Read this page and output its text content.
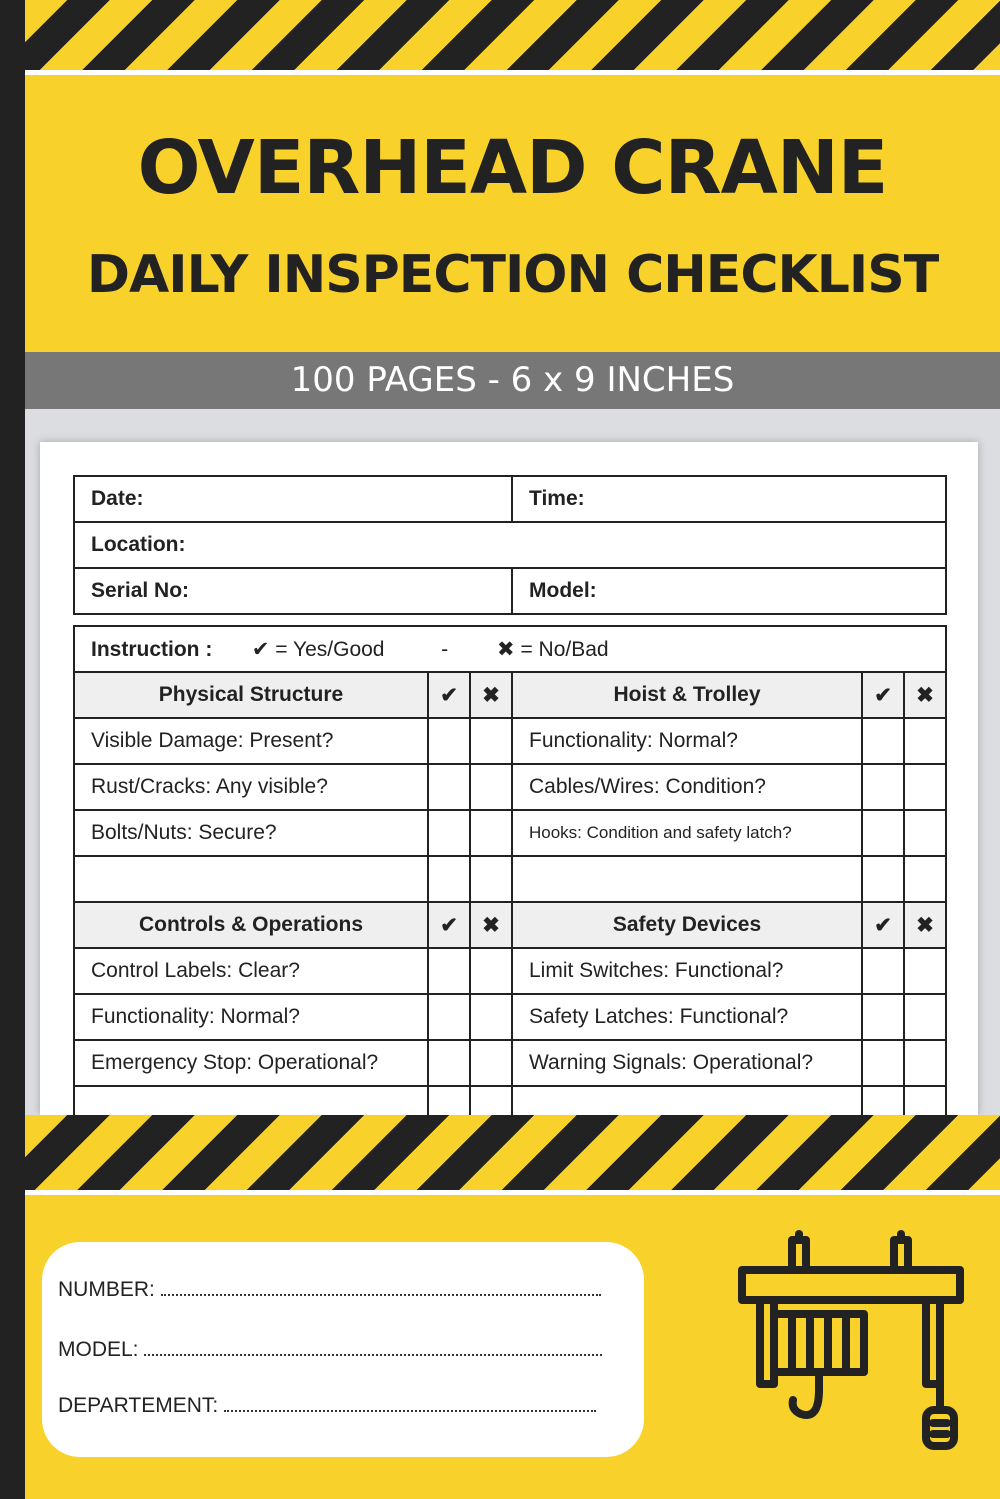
OVERHEAD CRANE
DAILY INSPECTION CHECKLIST
100 PAGES - 6 x 9 INCHES
Date:	Time:
Location:	
Serial No:	Model:
Instruction : ✔ = Yes/Good - ✖ = No/Bad					
Physical Structure	✔	✖	Hoist & Trolley	✔	✖
Visible Damage: Present?			Functionality: Normal?		
Rust/Cracks: Any visible?			Cables/Wires: Condition?		
Bolts/Nuts: Secure?			Hooks: Condition and safety latch?		

Controls & Operations	✔	✖	Safety Devices	✔	✖
Control Labels: Clear?			Limit Switches: Functional?		
Functionality: Normal?			Safety Latches: Functional?		
Emergency Stop: Operational?			Warning Signals: Operational?		

NUMBER:
MODEL:
DEPARTEMENT:
